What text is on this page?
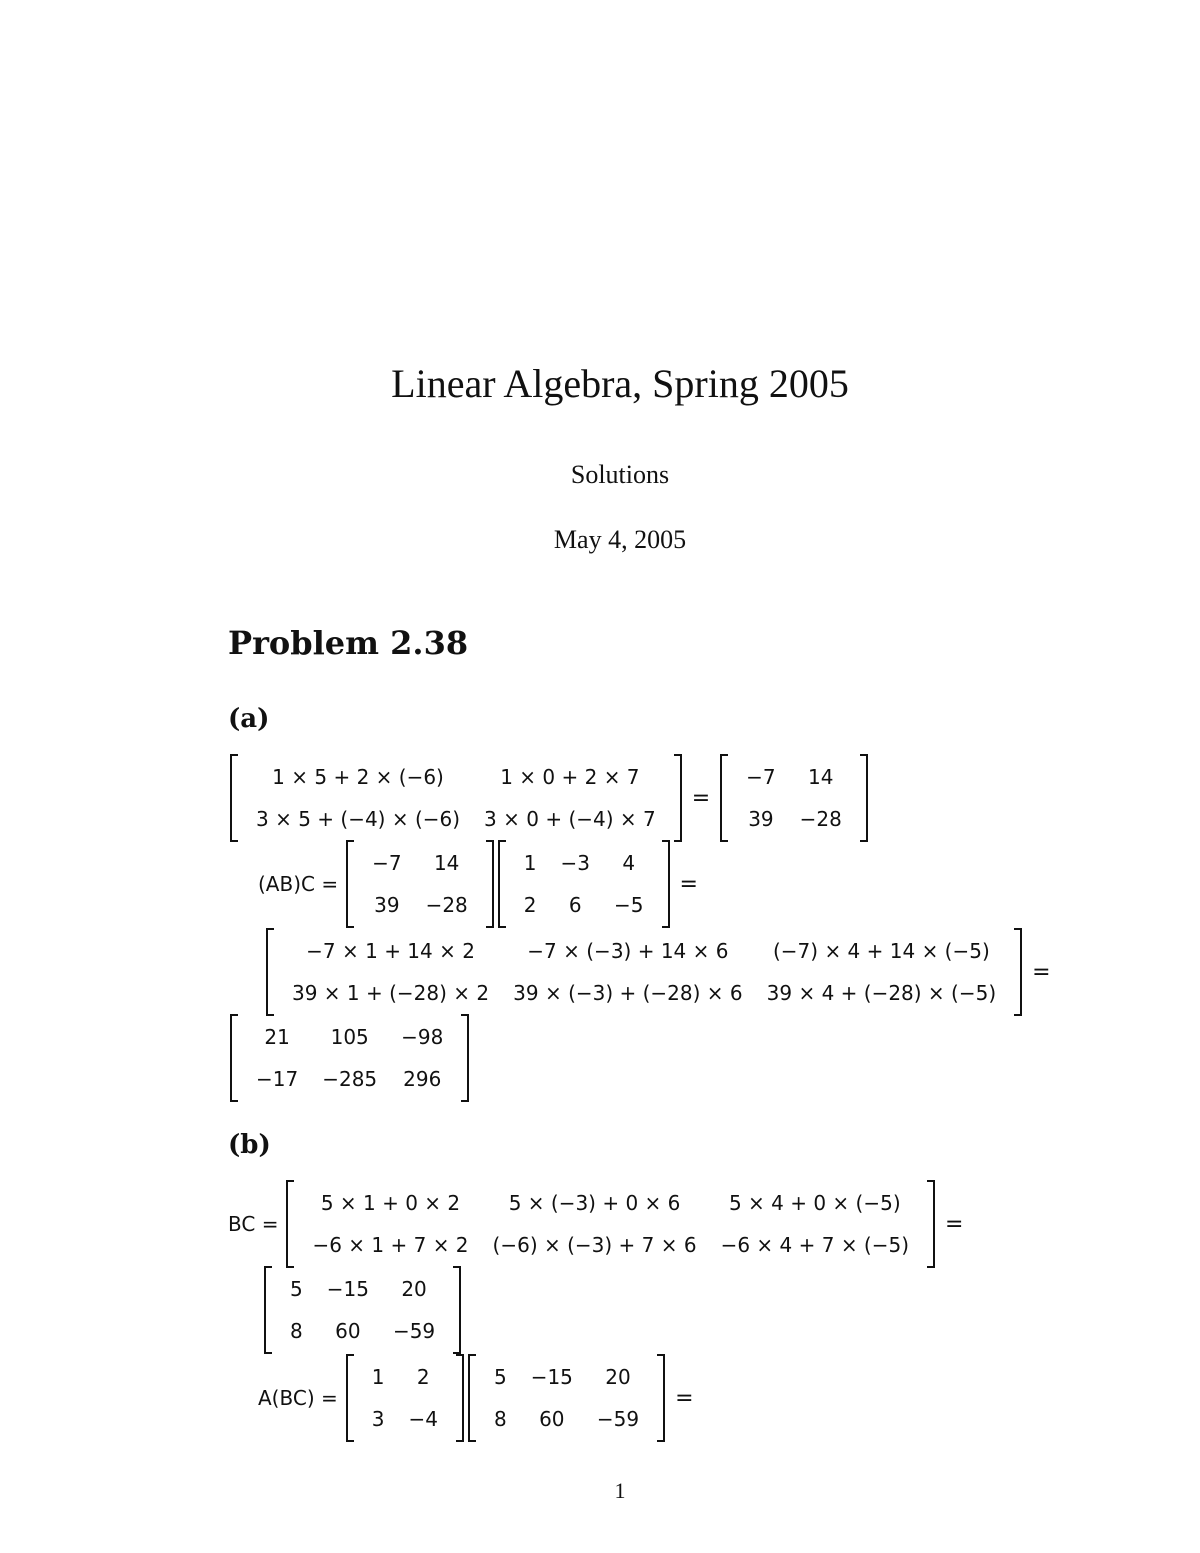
Linear Algebra, Spring 2005
Solutions
May 4, 2005
Problem 2.38
(a)
1 × 5 + 2 × (−6)	1 × 0 + 2 × 7
3 × 5 + (−4) × (−6)	3 × 0 + (−4) × 7
=
−7	14
39	−28
(AB)C =
−7	14
39	−28
1	−3	4
2	6	−5
=
−7 × 1 + 14 × 2	−7 × (−3) + 14 × 6	(−7) × 4 + 14 × (−5)
39 × 1 + (−28) × 2	39 × (−3) + (−28) × 6	39 × 4 + (−28) × (−5)
=
21	105	−98
−17	−285	296
(b)
BC =
5 × 1 + 0 × 2	5 × (−3) + 0 × 6	5 × 4 + 0 × (−5)
−6 × 1 + 7 × 2	(−6) × (−3) + 7 × 6	−6 × 4 + 7 × (−5)
=
5	−15	20
8	60	−59
A(BC) =
1	2
3	−4
5	−15	20
8	60	−59
=
1
